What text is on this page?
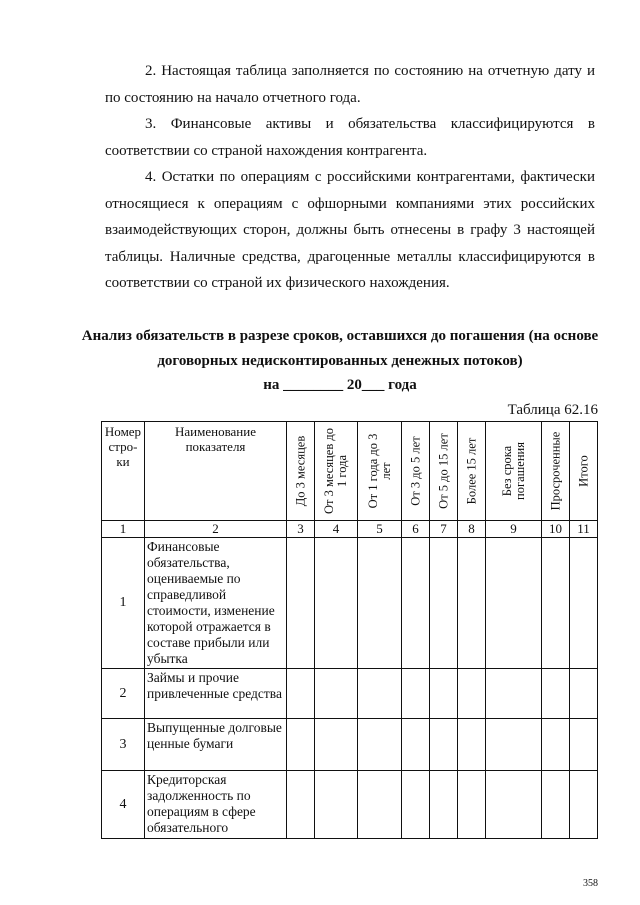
2. Настоящая таблица заполняется по состоянию на отчетную дату и по состоянию на начало отчетного года.

3. Финансовые активы и обязательства классифицируются в соответствии со страной нахождения контрагента.

4. Остатки по операциям с российскими контрагентами, фактически относящиеся к операциям с офшорными компаниями этих российских взаимодействующих сторон, должны быть отнесены в графу 3 настоящей таблицы. Наличные средства, драгоценные металлы классифицируются в соответствии со страной их физического нахождения.

Анализ обязательств в разрезе сроков, оставшихся до погашения (на основе договорных недисконтированных денежных потоков)
на ________ 20___ года
Таблица 62.16
Номер стро-ки	Наименование показателя	До 3 месяцев	От 3 месяцев до 1 года	От 1 года до 3 лет	От 3 до 5 лет	От 5 до 15 лет	Более 15 лет	Без срока погашения	Просроченные	Итого

1	2	3	4	5	6	7	8	9	10	11
1	Финансовые обязательства, оцениваемые по справедливой стоимости, изменение которой отражается в составе прибыли или убытка									
2	Займы и прочие привлеченные средства									
3	Выпущенные долговые ценные бумаги									
4	Кредиторская задолженность по операциям в сфере обязательного									
358
